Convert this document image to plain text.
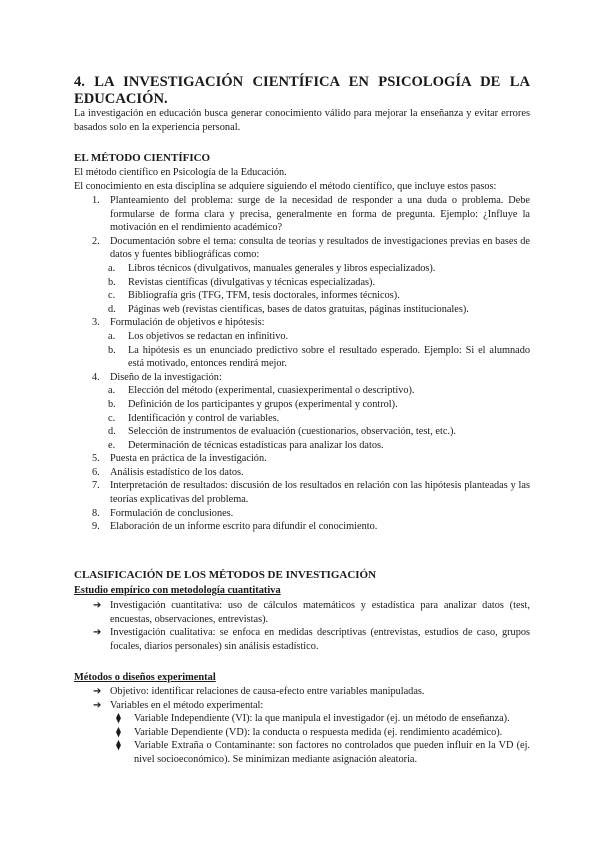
4. LA INVESTIGACIÓN CIENTÍFICA EN PSICOLOGÍA DE LA EDUCACIÓN.

La investigación en educación busca generar conocimiento válido para mejorar la enseñanza y evitar errores basados solo en la experiencia personal.

EL MÉTODO CIENTÍFICO
El método científico en Psicología de la Educación.
El conocimiento en esta disciplina se adquiere siguiendo el método científico, que incluye estos pasos:
1. Planteamiento del problema: surge de la necesidad de responder a una duda o problema. Debe formularse de forma clara y precisa, generalmente en forma de pregunta. Ejemplo: ¿Influye la motivación en el rendimiento académico?
2. Documentación sobre el tema: consulta de teorías y resultados de investigaciones previas en bases de datos y fuentes bibliográficas como:
a. Libros técnicos (divulgativos, manuales generales y libros especializados).
b. Revistas científicas (divulgativas y técnicas especializadas).
c. Bibliografía gris (TFG, TFM, tesis doctorales, informes técnicos).
d. Páginas web (revistas científicas, bases de datos gratuitas, páginas institucionales).
3. Formulación de objetivos e hipótesis:
a. Los objetivos se redactan en infinitivo.
b. La hipótesis es un enunciado predictivo sobre el resultado esperado. Ejemplo: Si el alumnado está motivado, entonces rendirá mejor.
4. Diseño de la investigación:
a. Elección del método (experimental, cuasiexperimental o descriptivo).
b. Definición de los participantes y grupos (experimental y control).
c. Identificación y control de variables.
d. Selección de instrumentos de evaluación (cuestionarios, observación, test, etc.).
e. Determinación de técnicas estadísticas para analizar los datos.
5. Puesta en práctica de la investigación.
6. Análisis estadístico de los datos.
7. Interpretación de resultados: discusión de los resultados en relación con las hipótesis planteadas y las teorías explicativas del problema.
8. Formulación de conclusiones.
9. Elaboración de un informe escrito para difundir el conocimiento.
CLASIFICACIÓN DE LOS MÉTODOS DE INVESTIGACIÓN
Estudio empírico con metodología cuantitativa
➔ Investigación cuantitativa: uso de cálculos matemáticos y estadística para analizar datos (test, encuestas, observaciones, entrevistas).
➔ Investigación cualitativa: se enfoca en medidas descriptivas (entrevistas, estudios de caso, grupos focales, diarios personales) sin análisis estadístico.
Métodos o diseños experimental
➔ Objetivo: identificar relaciones de causa-efecto entre variables manipuladas.
➔ Variables en el método experimental:
⧫ Variable Independiente (VI): la que manipula el investigador (ej. un método de enseñanza).
⧫ Variable Dependiente (VD): la conducta o respuesta medida (ej. rendimiento académico).
⧫ Variable Extraña o Contaminante: son factores no controlados que pueden influir en la VD (ej. nivel socioeconómico). Se minimizan mediante asignación aleatoria.
